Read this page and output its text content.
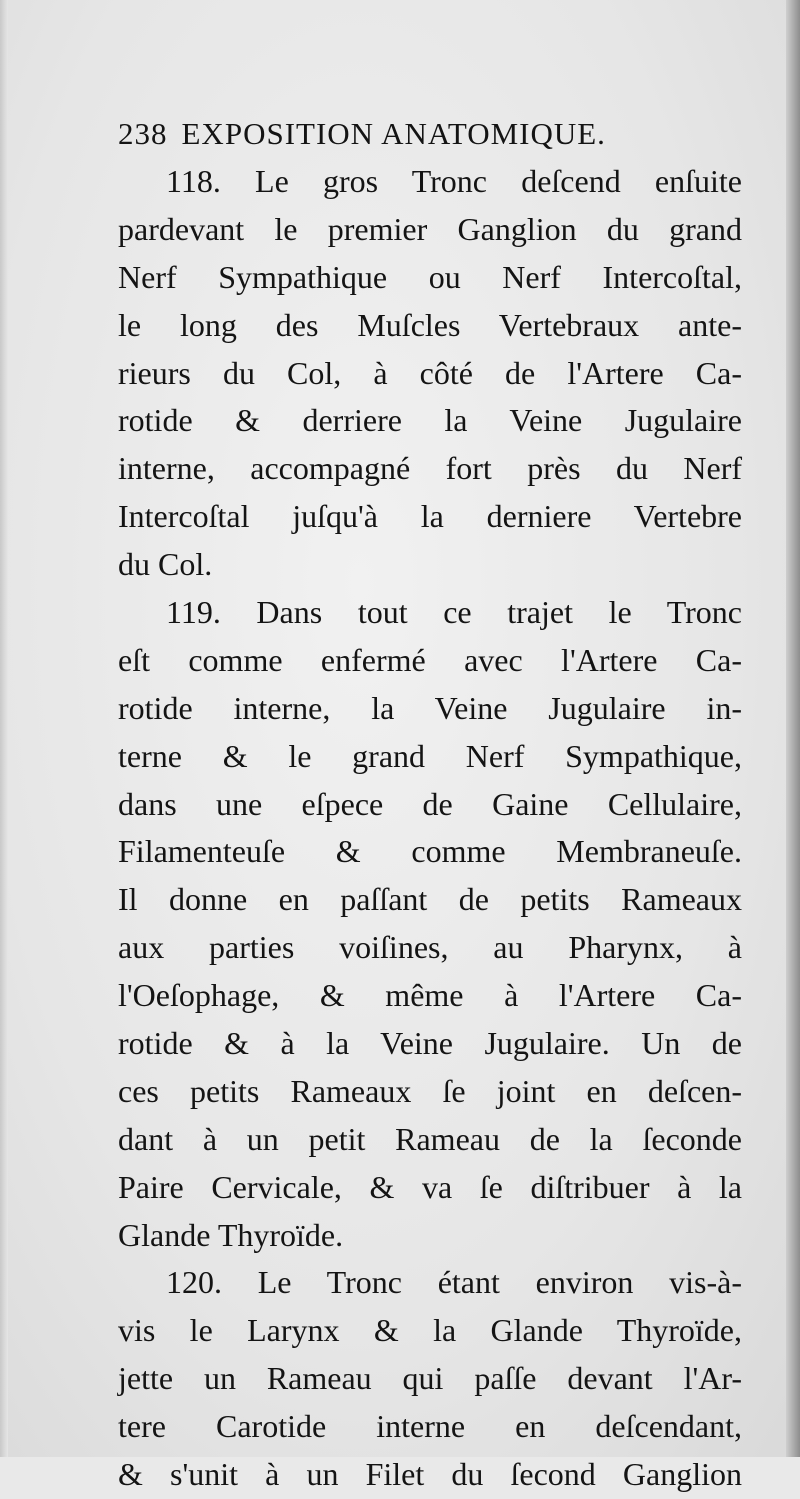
238 EXPOSITION ANATOMIQUE.
118. Le gros Tronc deſcend enſuite
pardevant le premier Ganglion du grand
Nerf Sympathique ou Nerf Intercoſtal,
le long des Muſcles Vertebraux ante-
rieurs du Col, à côté de l'Artere Ca-
rotide & derriere la Veine Jugulaire
interne, accompagné fort près du Nerf
Intercoſtal juſqu'à la derniere Vertebre
du Col.
119. Dans tout ce trajet le Tronc
eſt comme enfermé avec l'Artere Ca-
rotide interne, la Veine Jugulaire in-
terne & le grand Nerf Sympathique,
dans une eſpece de Gaine Cellulaire,
Filamenteuſe & comme Membraneuſe.
Il donne en paſſant de petits Rameaux
aux parties voiſines, au Pharynx, à
l'Oeſophage, & même à l'Artere Ca-
rotide & à la Veine Jugulaire. Un de
ces petits Rameaux ſe joint en deſcen-
dant à un petit Rameau de la ſeconde
Paire Cervicale, & va ſe diſtribuer à la
Glande Thyroïde.
120. Le Tronc étant environ vis-à-
vis le Larynx & la Glande Thyroïde,
jette un Rameau qui paſſe devant l'Ar-
tere Carotide interne en deſcendant,
& s'unit à un Filet du ſecond Ganglion
